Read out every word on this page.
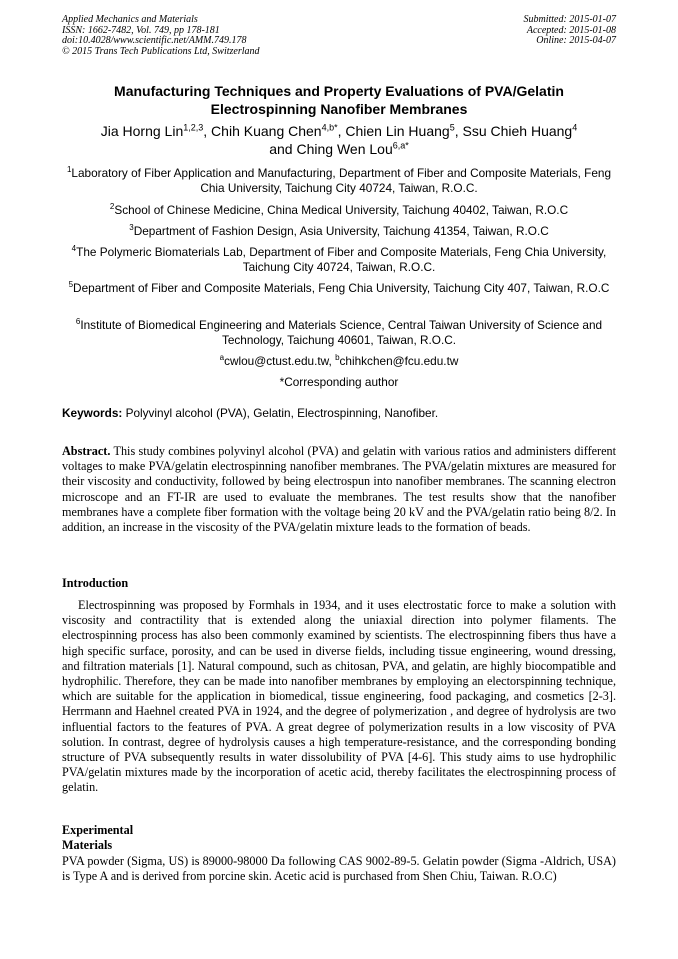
Applied Mechanics and Materials
ISSN: 1662-7482, Vol. 749, pp 178-181
doi:10.4028/www.scientific.net/AMM.749.178
© 2015 Trans Tech Publications Ltd, Switzerland
Submitted: 2015-01-07
Accepted: 2015-01-08
Online: 2015-04-07
Manufacturing Techniques and Property Evaluations of PVA/Gelatin
Electrospinning Nanofiber Membranes
Jia Horng Lin$^{1,2,3}$, Chih Kuang Chen$^{4,b*}$, Chien Lin Huang$^5$, Ssu Chieh Huang$^4$
and Ching Wen Lou$^{6,a*}$
$^1$Laboratory of Fiber Application and Manufacturing, Department of Fiber and Composite Materials, Feng Chia University, Taichung City 40724, Taiwan, R.O.C.
$^2$School of Chinese Medicine, China Medical University, Taichung 40402, Taiwan, R.O.C
$^3$Department of Fashion Design, Asia University, Taichung 41354, Taiwan, R.O.C
$^4$The Polymeric Biomaterials Lab, Department of Fiber and Composite Materials, Feng Chia University, Taichung City 40724, Taiwan, R.O.C.
$^5$Department of Fiber and Composite Materials, Feng Chia University, Taichung City 407, Taiwan, R.O.C
$^6$Institute of Biomedical Engineering and Materials Science, Central Taiwan University of Science and Technology, Taichung 40601, Taiwan, R.O.C.
$^a$cwlou@ctust.edu.tw, $^b$chihkchen@fcu.edu.tw
*Corresponding author
Keywords: Polyvinyl alcohol (PVA), Gelatin, Electrospinning, Nanofiber.
Abstract. This study combines polyvinyl alcohol (PVA) and gelatin with various ratios and administers different voltages to make PVA/gelatin electrospinning nanofiber membranes. The PVA/gelatin mixtures are measured for their viscosity and conductivity, followed by being electrospun into nanofiber membranes. The scanning electron microscope and an FT-IR are used to evaluate the membranes. The test results show that the nanofiber membranes have a complete fiber formation with the voltage being 20 kV and the PVA/gelatin ratio being 8/2. In addition, an increase in the viscosity of the PVA/gelatin mixture leads to the formation of beads.
Introduction
Electrospinning was proposed by Formhals in 1934, and it uses electrostatic force to make a solution with viscosity and contractility that is extended along the uniaxial direction into polymer filaments. The electrospinning process has also been commonly examined by scientists. The electrospinning fibers thus have a high specific surface, porosity, and can be used in diverse fields, including tissue engineering, wound dressing, and filtration materials [1]. Natural compound, such as chitosan, PVA, and gelatin, are highly biocompatible and hydrophilic. Therefore, they can be made into nanofiber membranes by employing an electorspinning technique, which are suitable for the application in biomedical, tissue engineering, food packaging, and cosmetics [2-3]. Herrmann and Haehnel created PVA in 1924, and the degree of polymerization , and degree of hydrolysis are two influential factors to the features of PVA. A great degree of polymerization results in a low viscosity of PVA solution. In contrast, degree of hydrolysis causes a high temperature-resistance, and the corresponding bonding structure of PVA subsequently results in water dissolubility of PVA [4-6]. This study aims to use hydrophilic PVA/gelatin mixtures made by the incorporation of acetic acid, thereby facilitates the electrospinning process of gelatin.
Experimental
Materials
PVA powder (Sigma, US) is 89000-98000 Da following CAS 9002-89-5. Gelatin powder (Sigma -Aldrich, USA) is Type A and is derived from porcine skin. Acetic acid is purchased from Shen Chiu, Taiwan. R.O.C)
